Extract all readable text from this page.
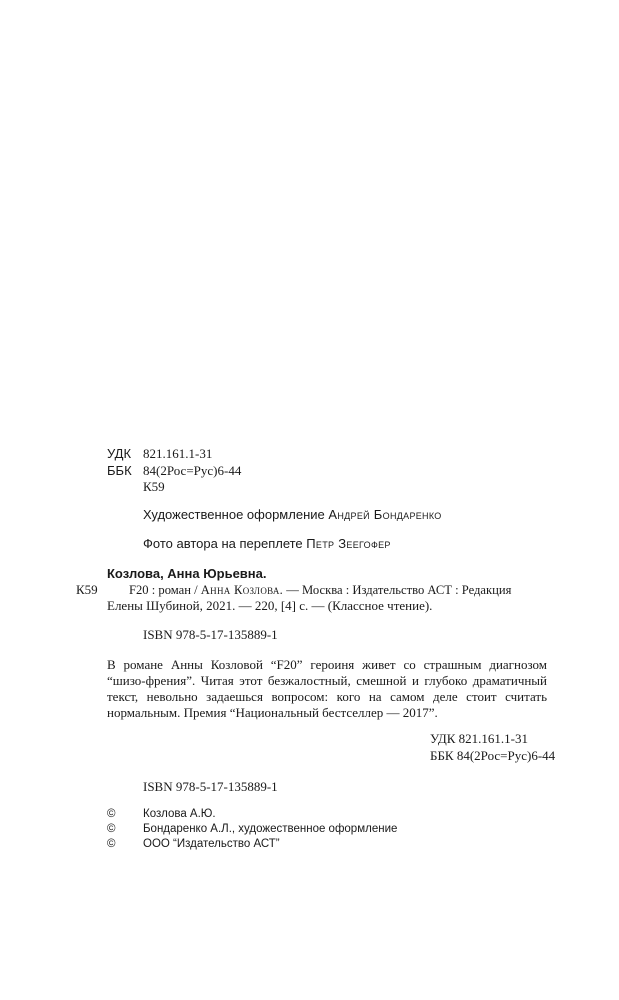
УДК 821.161.1-31
ББК 84(2Рос=Рус)6-44
К59
Художественное оформление Андрей Бондаренко
Фото автора на переплете Петр Зеегофер
Козлова, Анна Юрьевна.
К59 F20 : роман / Анна Козлова. — Москва : Издательство АСТ : Редакция
Елены Шубиной, 2021. — 220, [4] с. — (Классное чтение).
ISBN 978-5-17-135889-1
В романе Анны Козловой “F20” героиня живет со страшным диагнозом “шизо-френия”. Читая этот безжалостный, смешной и глубоко драматичный текст, невольно задаешься вопросом: кого на самом деле стоит считать нормальным. Премия “Национальный бестселлер — 2017”.
УДК 821.161.1-31
ББК 84(2Рос=Рус)6-44
ISBN 978-5-17-135889-1
© Козлова А.Ю.
© Бондаренко А.Л., художественное оформление
© ООО “Издательство АСТ”
